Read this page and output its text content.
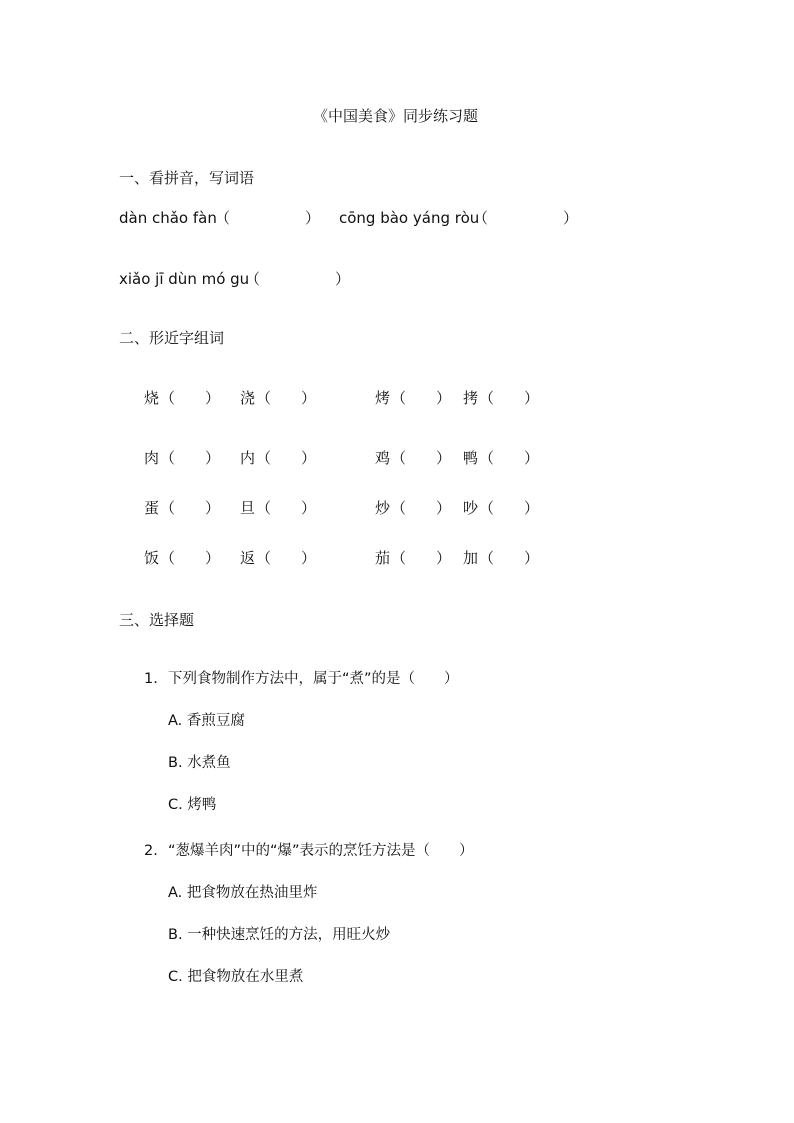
《中国美食》同步练习题
一、看拼音，写词语
dàn chǎo fàn
（　　　　　） cōng bào yáng ròu
（　　　　　）
xiǎo jī dùn mó gu
（　　　　　）
二、形近字组词
烧 （　　） 浇 （　　）	烤 （　　） 拷 （　　）
肉 （　　） 内 （　　）	鸡 （　　） 鸭 （　　）
蛋 （　　） 旦 （　　）	炒 （　　） 吵 （　　）
饭 （　　） 返 （　　）	茄 （　　） 加 （　　）
三、选择题
1. 下列食物制作方法中，属于“煮”的是（　　）
A. 香煎豆腐
B. 水煮鱼
C. 烤鸭
2. “葱爆羊肉”中的“爆”表示的烹饪方法是（　　）
A. 把食物放在热油里炸
B. 一种快速烹饪的方法，用旺火炒
C. 把食物放在水里煮
